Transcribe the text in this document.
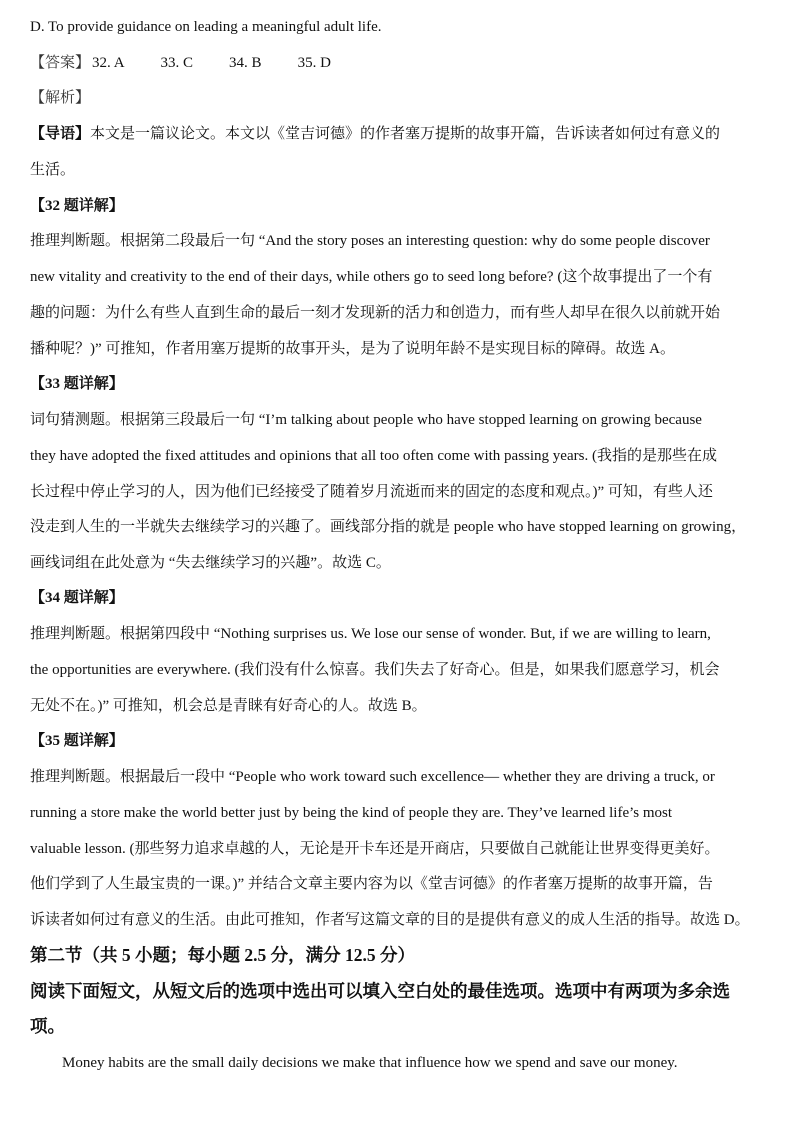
D. To provide guidance on leading a meaningful adult life.
【答案】 32. A 33. C 34. B 35. D
【解析】
【导语】本文是一篇议论文。本文以《堂吉诃德》的作者塞万提斯的故事开篇，告诉读者如何过有意义的
生活。
【32 题详解】
推理判断题。根据第二段最后一句 “And the story poses an interesting question: why do some people discover
new vitality and creativity to the end of their days, while others go to seed long before? (这个故事提出了一个有
趣的问题：为什么有些人直到生命的最后一刻才发现新的活力和创造力，而有些人却早在很久以前就开始
播种呢？)” 可推知，作者用塞万提斯的故事开头，是为了说明年龄不是实现目标的障碍。故选 A。
【33 题详解】
词句猜测题。根据第三段最后一句 “I’m talking about people who have stopped learning on growing because
they have adopted the fixed attitudes and opinions that all too often come with passing years. (我指的是那些在成
长过程中停止学习的人，因为他们已经接受了随着岁月流逝而来的固定的态度和观点。)” 可知，有些人还
没走到人生的一半就失去继续学习的兴趣了。画线部分指的就是 people who have stopped learning on growing，
画线词组在此处意为 “失去继续学习的兴趣”。故选 C。
【34 题详解】
推理判断题。根据第四段中 “Nothing surprises us. We lose our sense of wonder. But, if we are willing to learn,
the opportunities are everywhere. (我们没有什么惊喜。我们失去了好奇心。但是，如果我们愿意学习，机会
无处不在。)” 可推知，机会总是青睐有好奇心的人。故选 B。
【35 题详解】
推理判断题。根据最后一段中 “People who work toward such excellence— whether they are driving a truck, or
running a store make the world better just by being the kind of people they are. They’ve learned life’s most
valuable lesson. (那些努力追求卓越的人，无论是开卡车还是开商店，只要做自己就能让世界变得更美好。
他们学到了人生最宝贵的一课。)” 并结合文章主要内容为以《堂吉诃德》的作者塞万提斯的故事开篇，告
诉读者如何过有意义的生活。由此可推知，作者写这篇文章的目的是提供有意义的成人生活的指导。故选 D。
第二节（共 5 小题；每小题 2.5 分，满分 12.5 分）
阅读下面短文，从短文后的选项中选出可以填入空白处的最佳选项。选项中有两项为多余选
项。
Money habits are the small daily decisions we make that influence how we spend and save our money.
